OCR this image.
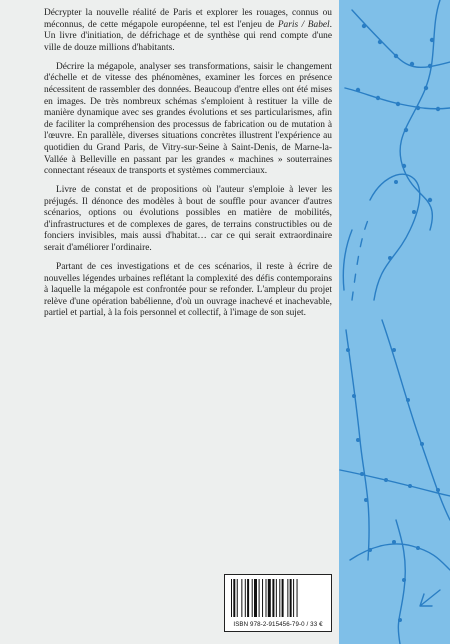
Décrypter la nouvelle réalité de Paris et explorer les rouages, connus ou méconnus, de cette mégapole européenne, tel est l'enjeu de Paris / Babel. Un livre d'initiation, de défrichage et de synthèse qui rend compte d'une ville de douze millions d'habitants.

Décrire la mégapole, analyser ses transformations, saisir le changement d'échelle et de vitesse des phénomènes, examiner les forces en présence nécessitent de rassembler des données. Beaucoup d'entre elles ont été mises en images. De très nombreux schémas s'emploient à restituer la ville de manière dynamique avec ses grandes évolutions et ses particularismes, afin de faciliter la compréhension des processus de fabrication ou de mutation à l'œuvre. En parallèle, diverses situations concrètes illustrent l'expérience au quotidien du Grand Paris, de Vitry-sur-Seine à Saint-Denis, de Marne-la-Vallée à Belleville en passant par les grandes « machines » souterraines connectant réseaux de transports et systèmes commerciaux.

Livre de constat et de propositions où l'auteur s'emploie à lever les préjugés. Il dénonce des modèles à bout de souffle pour avancer d'autres scénarios, options ou évolutions possibles en matière de mobilités, d'infrastructures et de complexes de gares, de terrains constructibles ou de fonciers invisibles, mais aussi d'habitat… car ce qui serait extraordinaire serait d'améliorer l'ordinaire.

Partant de ces investigations et de ces scénarios, il reste à écrire de nouvelles légendes urbaines reflétant la complexité des défis contemporains à laquelle la mégapole est confrontée pour se refonder. L'ampleur du projet relève d'une opération babélienne, d'où un ouvrage inachevé et inachevable, partiel et partial, à la fois personnel et collectif, à l'image de son sujet.

ISBN 978-2-915456-79-0 / 33 €
